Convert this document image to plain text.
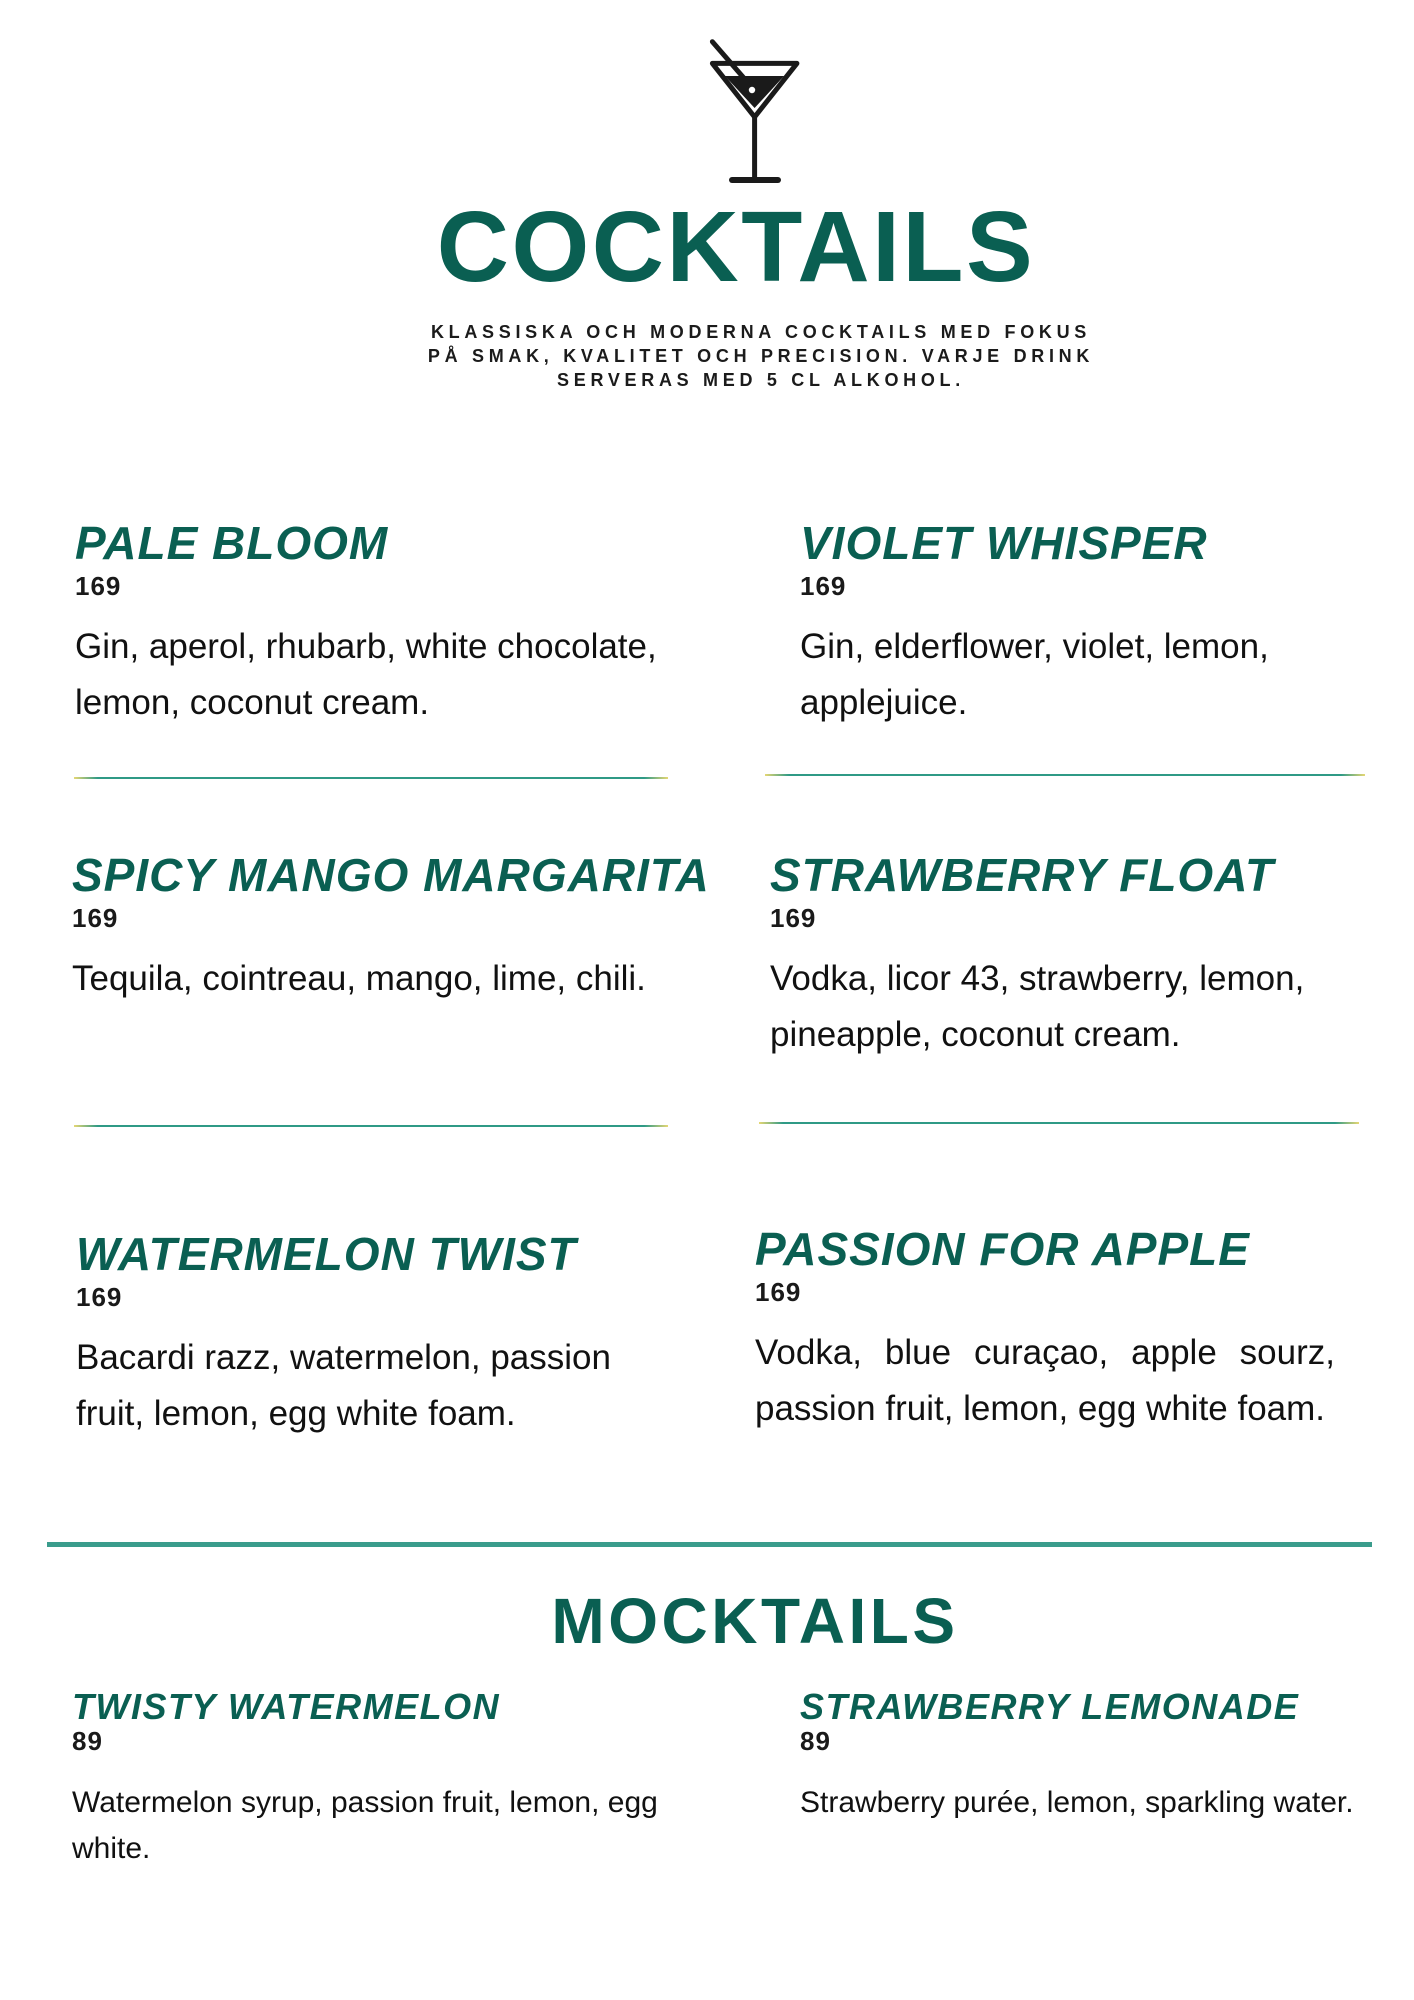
COCKTAILS
KLASSISKA OCH MODERNA COCKTAILS MED FOKUS
PÅ SMAK, KVALITET OCH PRECISION. VARJE DRINK
SERVERAS MED 5 CL ALKOHOL.
PALE BLOOM
169
Gin, aperol, rhubarb, white chocolate, lemon, coconut cream.
VIOLET WHISPER
169
Gin, elderflower, violet, lemon, applejuice.
SPICY MANGO MARGARITA
169
Tequila, cointreau, mango, lime, chili.
STRAWBERRY FLOAT
169
Vodka, licor 43, strawberry, lemon, pineapple, coconut cream.
WATERMELON TWIST
169
Bacardi razz, watermelon, passion fruit, lemon, egg white foam.
PASSION FOR APPLE
169
Vodka, blue curaçao, apple sourz, passion fruit, lemon, egg white foam.
MOCKTAILS
TWISTY WATERMELON
89
Watermelon syrup, passion fruit, lemon, egg white.
STRAWBERRY LEMONADE
89
Strawberry purée, lemon, sparkling water.
